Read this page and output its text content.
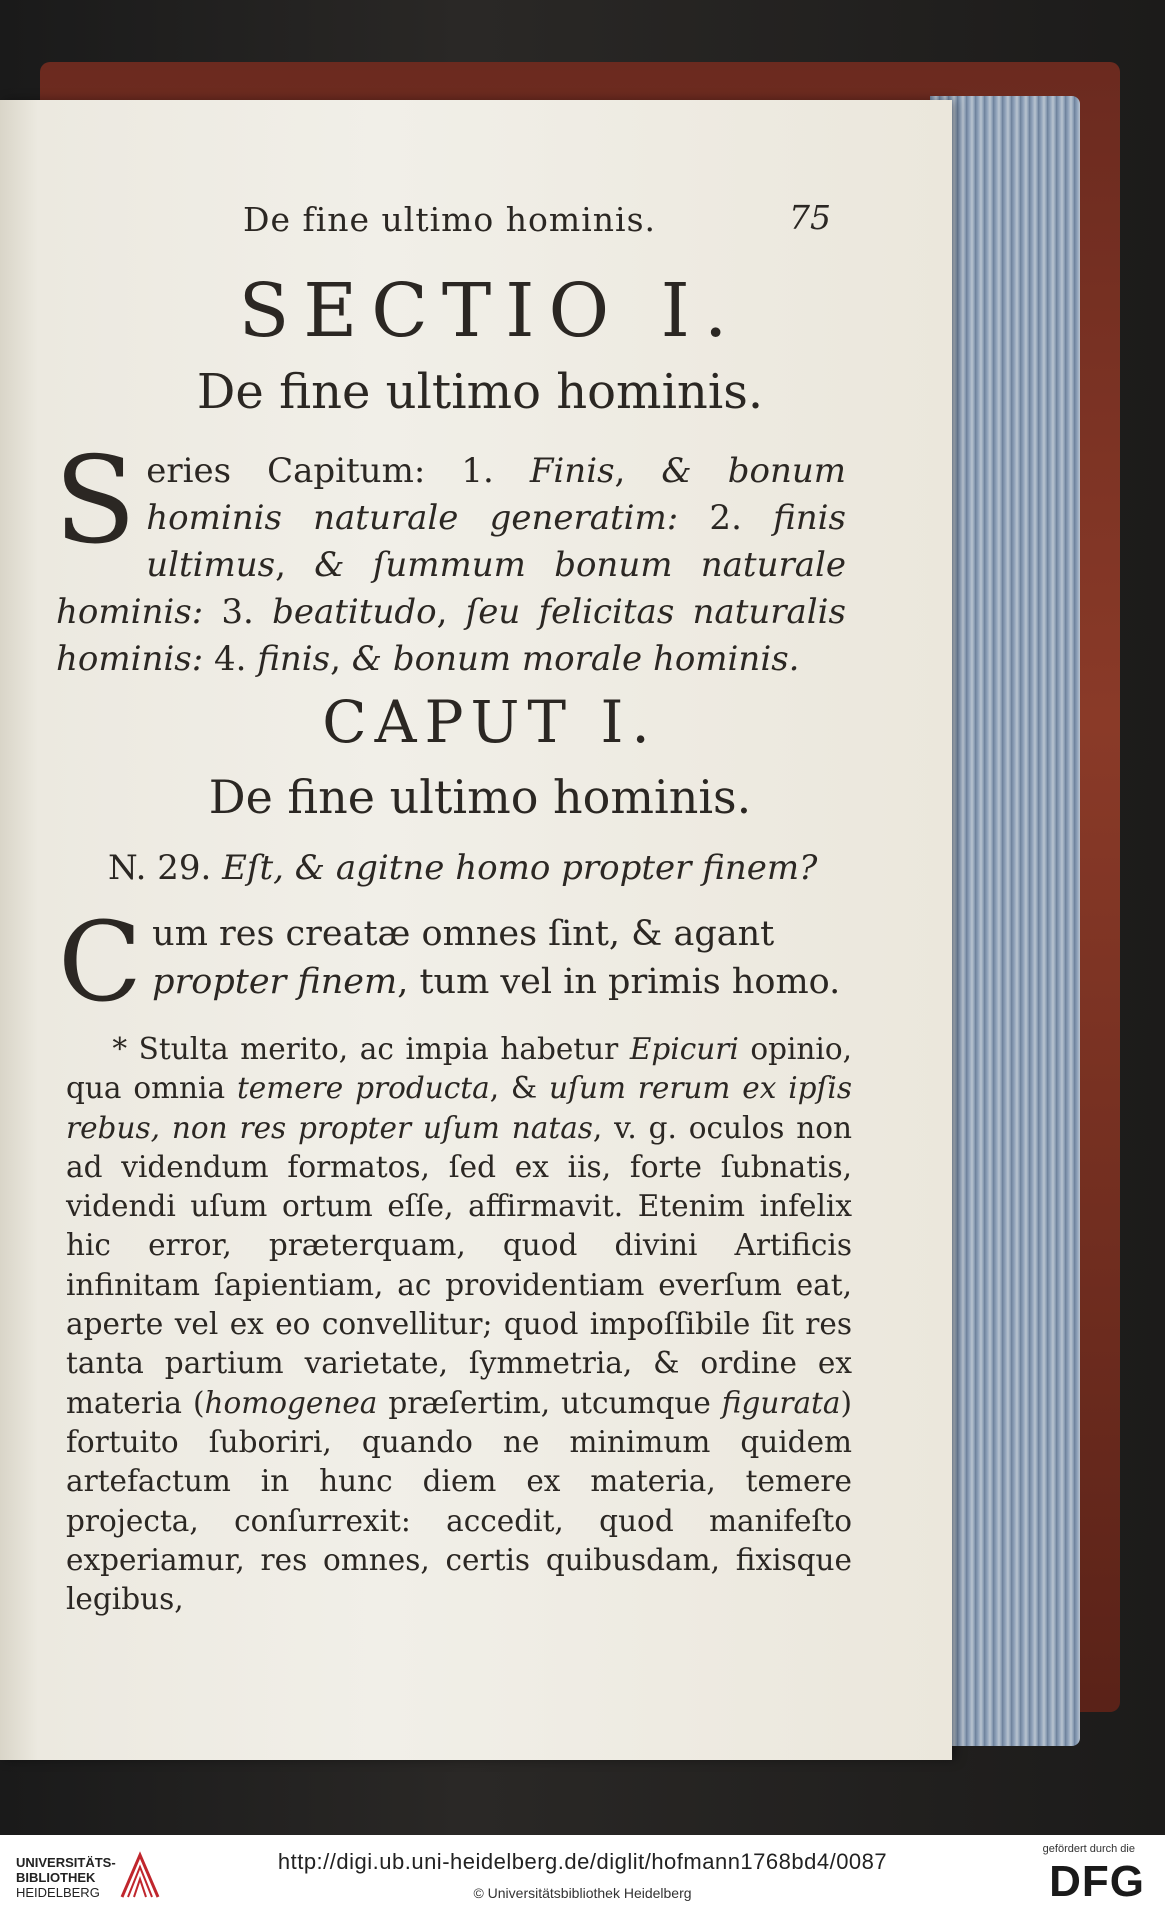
De fine ultimo hominis.	75
SECTIO I.
De fine ultimo hominis.
S eries Capitum: 1. Finis, & bonum hominis naturale generatim: 2. finis ultimus, & ſummum bonum naturale hominis: 3. beatitudo, ſeu felicitas naturalis hominis: 4. finis, & bonum morale hominis.
CAPUT I.
De fine ultimo hominis.
N. 29. Eſt, & agitne homo propter finem?
C um res creatæ omnes ſint, & agant propter finem, tum vel in primis homo.
* Stulta merito, ac impia habetur Epicuri opinio, qua omnia temere producta, & uſum rerum ex ipſis rebus, non res propter uſum natas, v. g. oculos non ad videndum formatos, ſed ex iis, forte ſubnatis, videndi uſum ortum eſſe, affirmavit. Etenim infelix hic error, præterquam, quod divini Artificis infinitam ſapientiam, ac providentiam everſum eat, aperte vel ex eo convellitur; quod impoſſibile ſit res tanta partium varietate, ſymmetria, & ordine ex materia (homogenea præſertim, utcumque figurata) fortuito ſuboriri, quando ne minimum quidem artefactum in hunc diem ex materia, temere projecta, conſurrexit: accedit, quod manifeſto experiamur, res omnes, certis quibusdam, fixisque legibus,
UNIVERSITÄTS-
BIBLIOTHEK
HEIDELBERG
http://digi.ub.uni-heidelberg.de/diglit/hofmann1768bd4/0087
© Universitätsbibliothek Heidelberg
gefördert durch die
DFG
